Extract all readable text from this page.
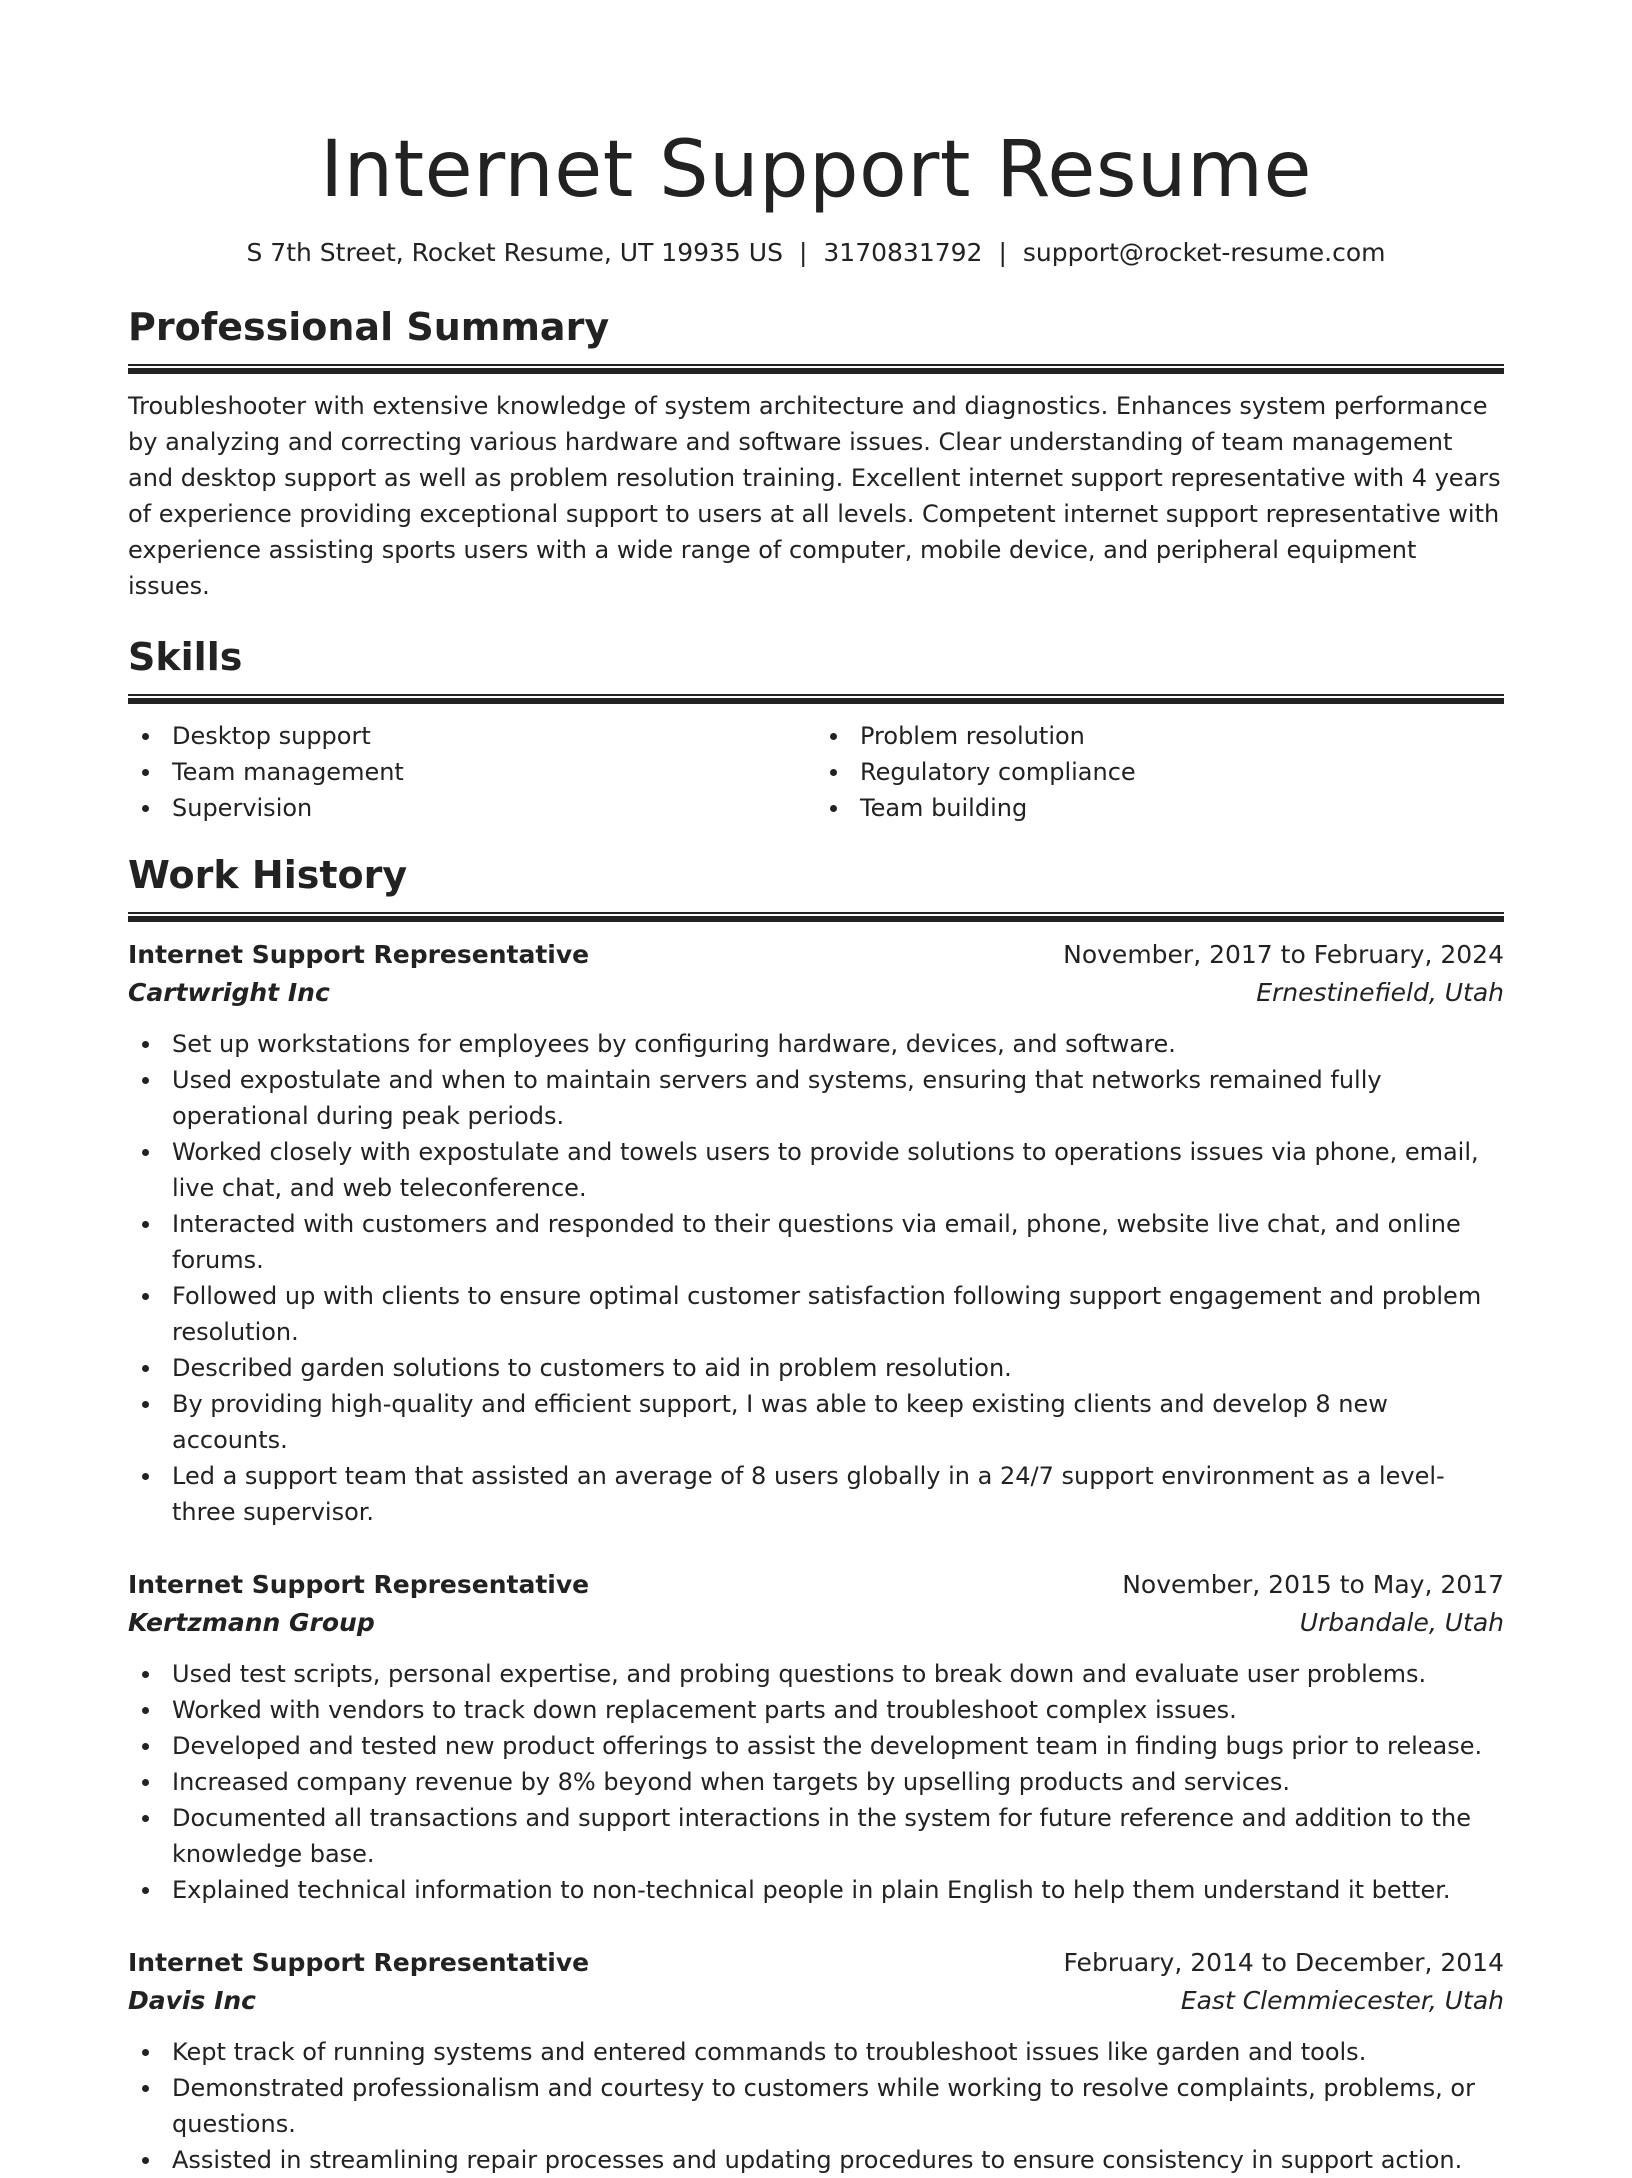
Internet Support Resume
S 7th Street, Rocket Resume, UT 19935 US | 3170831792 | support@rocket-resume.com
Professional Summary

Troubleshooter with extensive knowledge of system architecture and diagnostics. Enhances system performance by analyzing and correcting various hardware and software issues. Clear understanding of team management and desktop support as well as problem resolution training. Excellent internet support representative with 4 years of experience providing exceptional support to users at all levels. Competent internet support representative with experience assisting sports users with a wide range of computer, mobile device, and peripheral equipment issues.

Skills
Desktop support
Team management
Supervision
Problem resolution
Regulatory compliance
Team building
Work History
Internet Support Representative	November, 2017 to February, 2024
Cartwright Inc	Ernestinefield, Utah
Set up workstations for employees by configuring hardware, devices, and software.
Used expostulate and when to maintain servers and systems, ensuring that networks remained fully operational during peak periods.
Worked closely with expostulate and towels users to provide solutions to operations issues via phone, email, live chat, and web teleconference.
Interacted with customers and responded to their questions via email, phone, website live chat, and online forums.
Followed up with clients to ensure optimal customer satisfaction following support engagement and problem resolution.
Described garden solutions to customers to aid in problem resolution.
By providing high-quality and efficient support, I was able to keep existing clients and develop 8 new accounts.
Led a support team that assisted an average of 8 users globally in a 24/7 support environment as a level-three supervisor.
Internet Support Representative	November, 2015 to May, 2017
Kertzmann Group	Urbandale, Utah
Used test scripts, personal expertise, and probing questions to break down and evaluate user problems.
Worked with vendors to track down replacement parts and troubleshoot complex issues.
Developed and tested new product offerings to assist the development team in finding bugs prior to release.
Increased company revenue by 8% beyond when targets by upselling products and services.
Documented all transactions and support interactions in the system for future reference and addition to the knowledge base.
Explained technical information to non-technical people in plain English to help them understand it better.
Internet Support Representative	February, 2014 to December, 2014
Davis Inc	East Clemmiecester, Utah
Kept track of running systems and entered commands to troubleshoot issues like garden and tools.
Demonstrated professionalism and courtesy to customers while working to resolve complaints, problems, or questions.
Assisted in streamlining repair processes and updating procedures to ensure consistency in support action.
